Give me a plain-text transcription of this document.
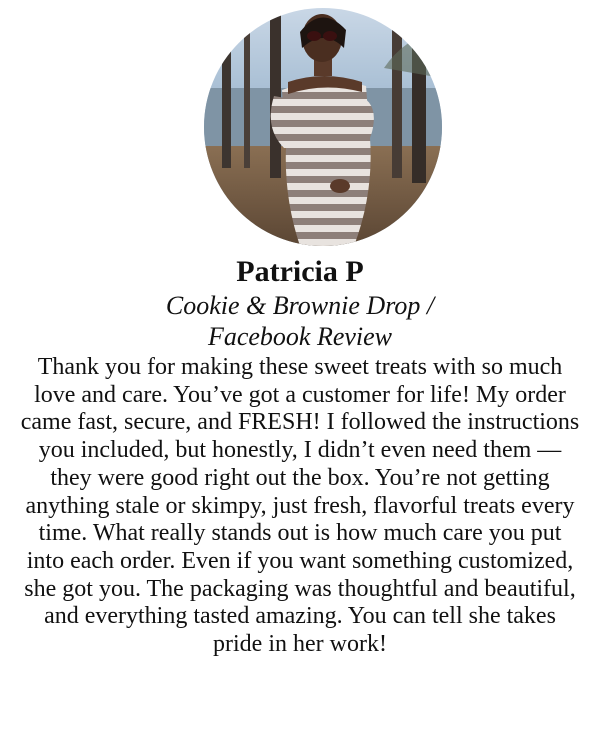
Patricia P
Cookie & Brownie Drop /
Facebook Review

Thank you for making these sweet treats with so much love and care. You’ve got a customer for life! My order came fast, secure, and FRESH! I followed the instructions you included, but honestly, I didn’t even need them — they were good right out the box. You’re not getting anything stale or skimpy, just fresh, flavorful treats every time. What really stands out is how much care you put into each order. Even if you want something customized, she got you. The packaging was thoughtful and beautiful, and everything tasted amazing. You can tell she takes pride in her work!
